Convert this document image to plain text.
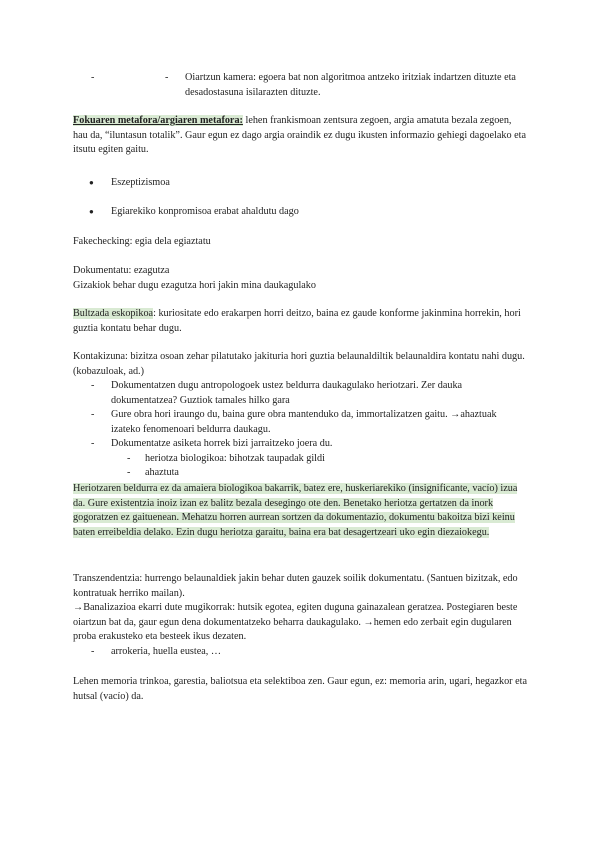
- - Oiartzun kamera: egoera bat non algoritmoa antzeko iritziak indartzen dituzte eta desadostasuna isilarazten dituzte.

Fokuaren metafora/argiaren metafora: lehen frankismoan zentsura zegoen, argia amatuta bezala zegoen, hau da, “iluntasun totalik”. Gaur egun ez dago argia oraindik ez dugu ikusten informazio gehiegi dagoelako eta itsutu egiten gaitu.

● Eszeptizismoa
● Egiarekiko konpromisoa erabat ahaldutu dago

Fakechecking: egia dela egiaztatu

Dokumentatu: ezagutza

Gizakiok behar dugu ezagutza hori jakin mina daukagulako

Bultzada eskopikoa: kuriositate edo erakarpen horri deitzo, baina ez gaude konforme jakinmina horrekin, hori guztia kontatu behar dugu.

Kontakizuna: bizitza osoan zehar pilatutako jakituria hori guztia belaunaldiltik belaunaldira kontatu nahi dugu. (kobazuloak, ad.)

- Dokumentatzen dugu antropologoek ustez beldurra daukagulako heriotzari. Zer dauka dokumentatzea? Guztiok tamales hilko gara
- Gure obra hori iraungo du, baina gure obra mantenduko da, immortalizatzen gaitu. →ahaztuak izateko fenomenoari beldurra daukagu.
- Dokumentatze asiketa horrek bizi jarraitzeko joera du.
- heriotza biologikoa: bihotzak taupadak gildi
- ahaztuta

Heriotzaren beldurra ez da amaiera biologikoa bakarrik, batez ere, huskeriarekiko (insignificante, vacío) izua da. Gure existentzia inoiz izan ez balitz bezala desegingo ote den. Benetako heriotza gertatzen da inork gogoratzen ez gaituenean. Mehatzu horren aurrean sortzen da dokumentazio, dokumentu bakoitza bizi keinu baten erreibeldia delako. Ezin dugu heriotza garaitu, baina era bat desagertzeari uko egin diezaiokegu.

Transzendentzia: hurrengo belaunaldiek jakin behar duten gauzek soilik dokumentatu. (Santuen bizitzak, edo kontratuak herriko mailan).

→Banalizazioa ekarri dute mugikorrak: hutsik egotea, egiten duguna gainazalean geratzea. Postegiaren beste oiartzun bat da, gaur egun dena dokumentatzeko beharra daukagulako. →hemen edo zerbait egin dugularen proba erakusteko eta besteek ikus dezaten.

- arrokeria, huella eustea, …

Lehen memoria trinkoa, garestia, baliotsua eta selektiboa zen. Gaur egun, ez: memoria arin, ugari, hegazkor eta hutsal (vacío) da.
